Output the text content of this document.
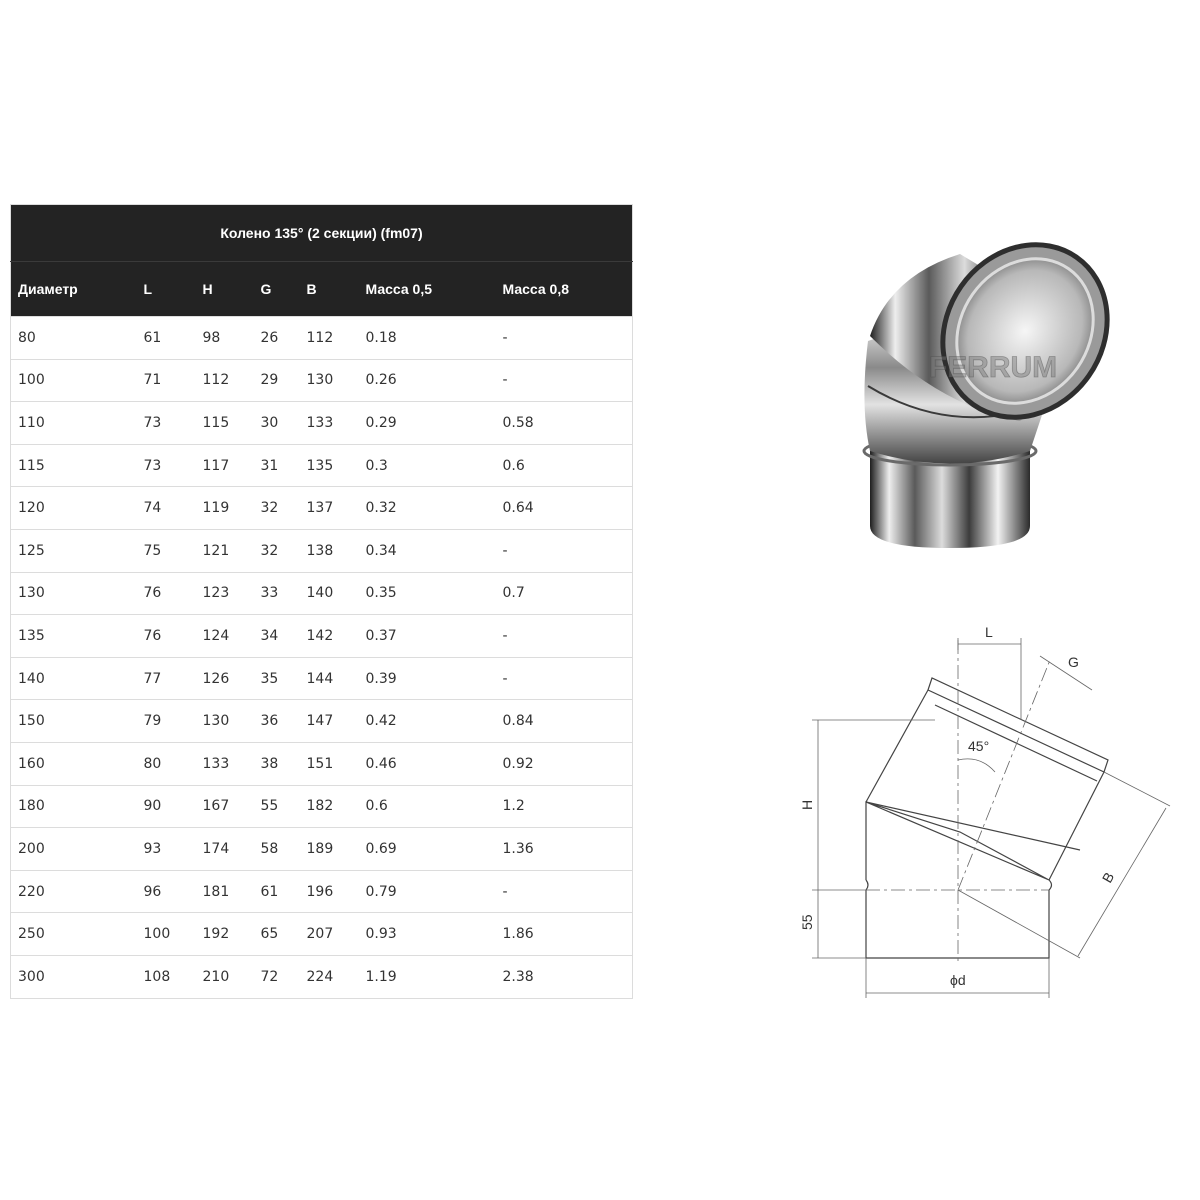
Колено 135° (2 секции) (fm07)						
Диаметр	L	H	G	B	Масса 0,5	Масса 0,8
80	61	98	26	112	0.18	-
100	71	112	29	130	0.26	-
110	73	115	30	133	0.29	0.58
115	73	117	31	135	0.3	0.6
120	74	119	32	137	0.32	0.64
125	75	121	32	138	0.34	-
130	76	123	33	140	0.35	0.7
135	76	124	34	142	0.37	-
140	77	126	35	144	0.39	-
150	79	130	36	147	0.42	0.84
160	80	133	38	151	0.46	0.92
180	90	167	55	182	0.6	1.2
200	93	174	58	189	0.69	1.36
220	96	181	61	196	0.79	-
250	100	192	65	207	0.93	1.86
300	108	210	72	224	1.19	2.38
FERRUM
L
G
45°
H
55
ϕd
B
